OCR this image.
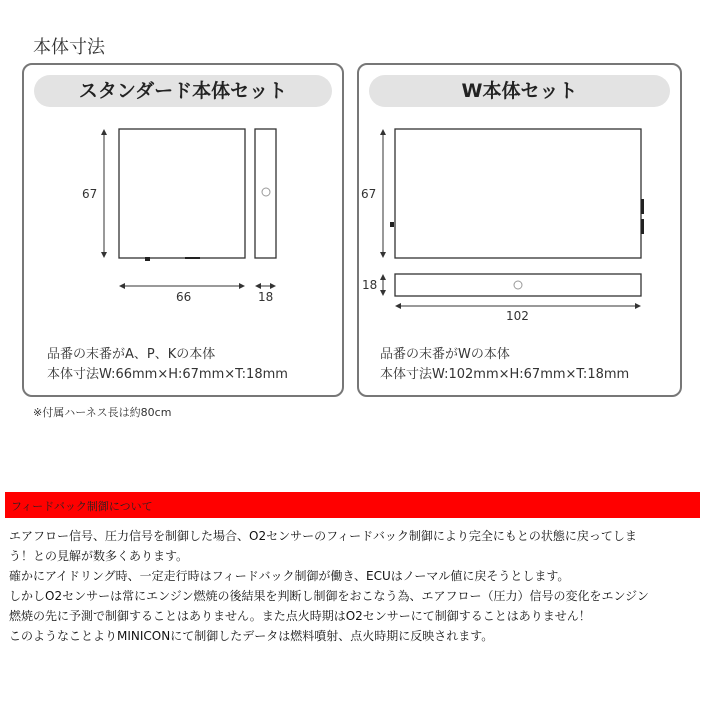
本体寸法
スタンダード本体セット	W本体セット
67
66	18
品番の末番がA、P、Kの本体
本体寸法W:66mm×H:67mm×T:18mm
67
18
102
品番の末番がWの本体
本体寸法W:102mm×H:67mm×T:18mm
※付属ハーネス長は約80cm
フィードバック制御について
エアフロー信号、圧力信号を制御した場合、O2センサーのフィードバック制御により完全にもとの状態に戻ってしま
う！との見解が数多くあります。
確かにアイドリング時、一定走行時はフィードバック制御が働き、ECUはノーマル値に戻そうとします。
しかしO2センサーは常にエンジン燃焼の後結果を判断し制御をおこなう為、エアフロー（圧力）信号の変化をエンジン
燃焼の先に予測で制御することはありません。また点火時期はO2センサーにて制御することはありません！
このようなことよりMINICONにて制御したデータは燃料噴射、点火時期に反映されます。
